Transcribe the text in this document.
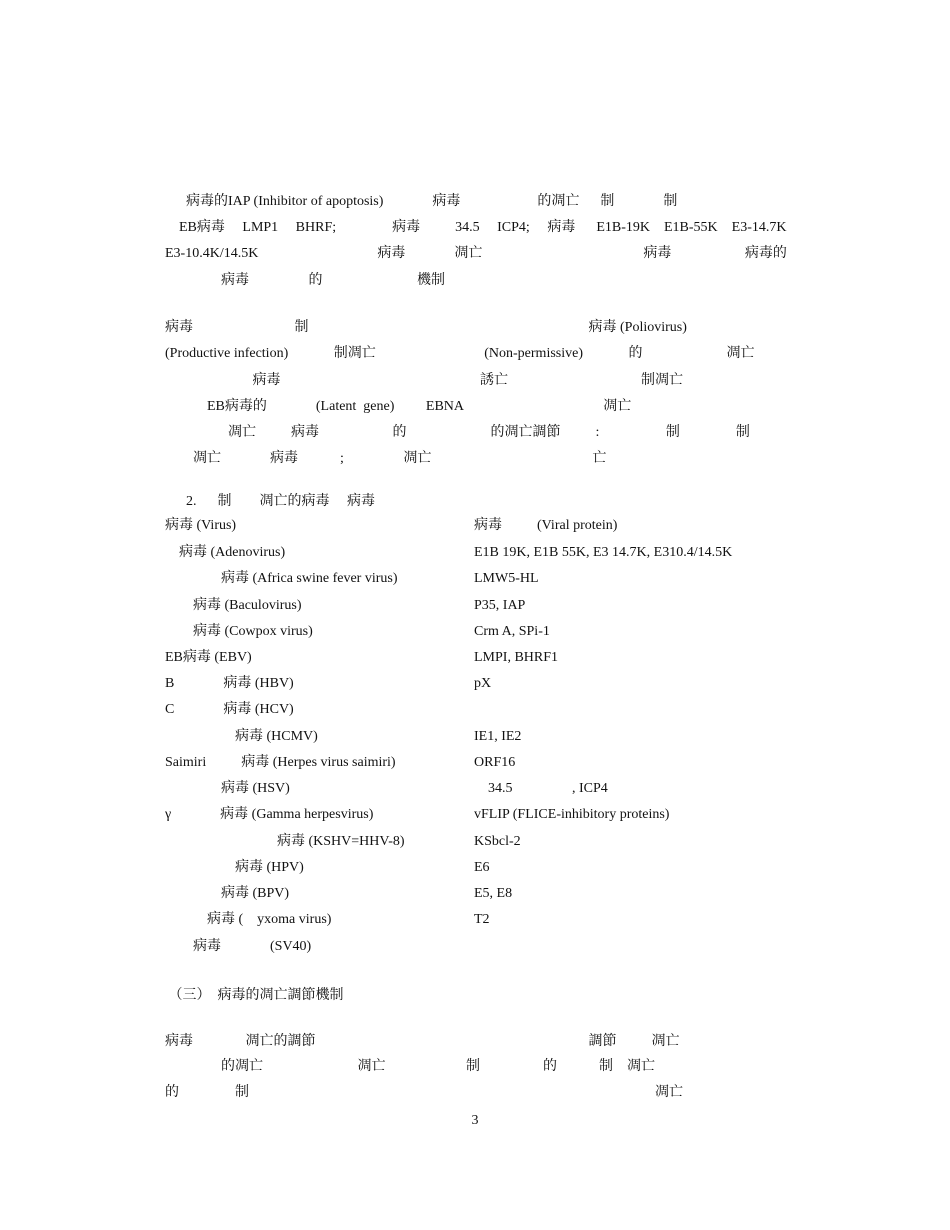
病毒的IAP (Inhibitor of apoptosis)              病毒                      的凋亡      制              制
EB病毒     LMP1     BHRF;                病毒          34.5     ICP4;     病毒      E1B-19K    E1B-55K    E3-14.7K
E3-10.4K/14.5K                                  病毒              凋亡                                              病毒                     病毒的
病毒                 的                           機制
病毒                             制                                                                                病毒 (Poliovirus)
(Productive infection)             制凋亡                               (Non-permissive)             的                        凋亡
病毒                                                         誘亡                                      制凋亡
EB病毒的              (Latent  gene)         EBNA                                        凋亡
凋亡          病毒                     的                        的凋亡調節          :                   制                制
凋亡              病毒            ;                 凋亡                                              亡
2.      制        凋亡的病毒     病毒
病毒 (Virus)	病毒          (Viral protein)
病毒 (Adenovirus)	E1B 19K, E1B 55K, E3 14.7K, E310.4/14.5K
病毒 (Africa swine fever virus)	LMW5-HL
病毒 (Baculovirus)	P35, IAP
病毒 (Cowpox virus)	Crm A, SPi-1
EB病毒 (EBV)	LMPI, BHRF1
B              病毒 (HBV)	pX
C              病毒 (HCV)
病毒 (HCMV)	IE1, IE2
Saimiri          病毒 (Herpes virus saimiri)	ORF16
病毒 (HSV)	34.5                 , ICP4
γ              病毒 (Gamma herpesvirus)	vFLIP (FLICE-inhibitory proteins)
病毒 (KSHV=HHV-8)	KSbcl-2
病毒 (HPV)	E6
病毒 (BPV)	E5, E8
病毒 (    yxoma virus)	T2
病毒              (SV40)
（三）  病毒的凋亡調節機制
病毒               凋亡的調節                                                                              調節          凋亡
的凋亡                           凋亡                       制                  的            制    凋亡
的                制                                                                                                                    凋亡
3
